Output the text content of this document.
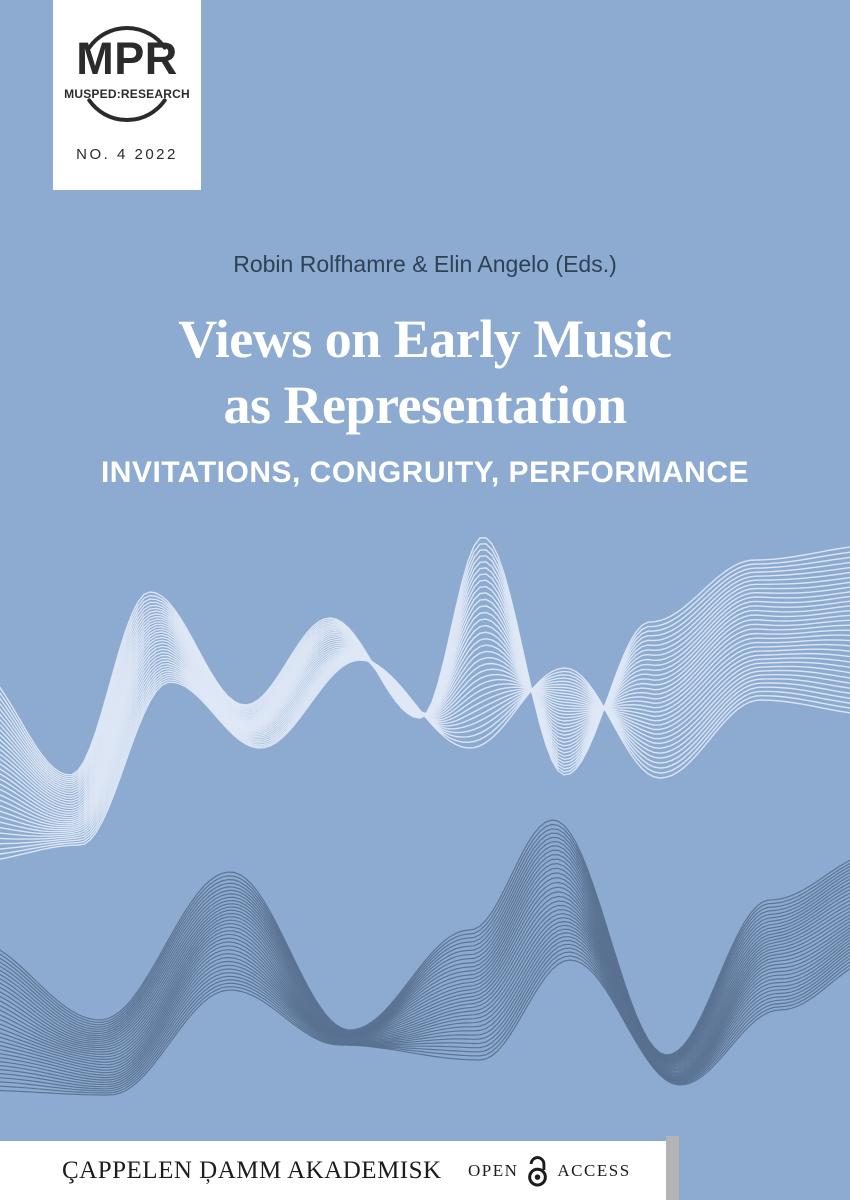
MPR
MUSPED:RESEARCH
NO. 4 2022
Robin Rolfhamre & Elin Angelo (Eds.)
Views on Early Music
as Representation
INVITATIONS, CONGRUITY, PERFORMANCE
ÇAPPELEN ḐAMM AKADEMISK OPEN ACCESS
